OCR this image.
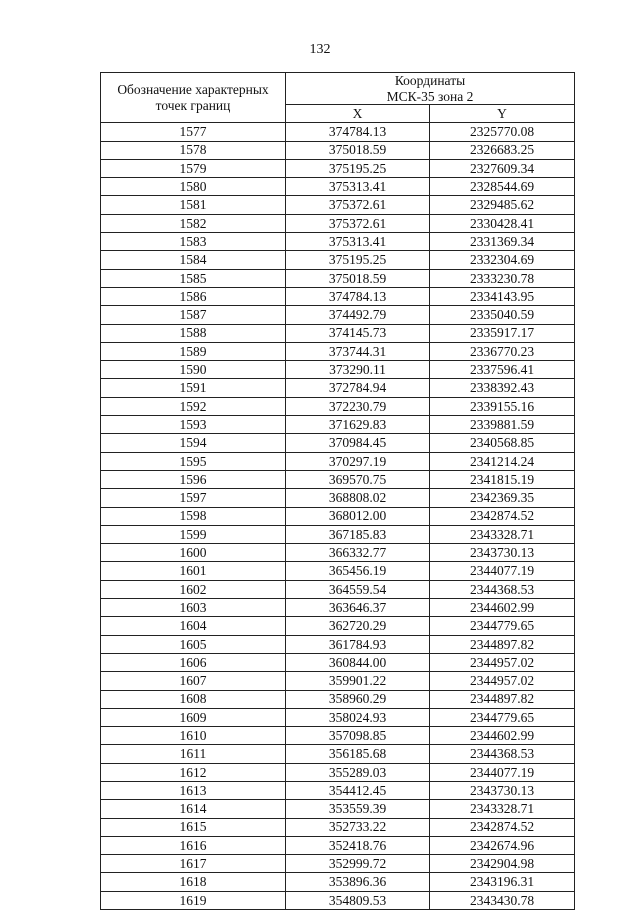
132
Обозначение характерных точек границ	Координаты
МСК-35 зона 2	

	X	Y
1577	374784.13	2325770.08
1578	375018.59	2326683.25
1579	375195.25	2327609.34
1580	375313.41	2328544.69
1581	375372.61	2329485.62
1582	375372.61	2330428.41
1583	375313.41	2331369.34
1584	375195.25	2332304.69
1585	375018.59	2333230.78
1586	374784.13	2334143.95
1587	374492.79	2335040.59
1588	374145.73	2335917.17
1589	373744.31	2336770.23
1590	373290.11	2337596.41
1591	372784.94	2338392.43
1592	372230.79	2339155.16
1593	371629.83	2339881.59
1594	370984.45	2340568.85
1595	370297.19	2341214.24
1596	369570.75	2341815.19
1597	368808.02	2342369.35
1598	368012.00	2342874.52
1599	367185.83	2343328.71
1600	366332.77	2343730.13
1601	365456.19	2344077.19
1602	364559.54	2344368.53
1603	363646.37	2344602.99
1604	362720.29	2344779.65
1605	361784.93	2344897.82
1606	360844.00	2344957.02
1607	359901.22	2344957.02
1608	358960.29	2344897.82
1609	358024.93	2344779.65
1610	357098.85	2344602.99
1611	356185.68	2344368.53
1612	355289.03	2344077.19
1613	354412.45	2343730.13
1614	353559.39	2343328.71
1615	352733.22	2342874.52
1616	352418.76	2342674.96
1617	352999.72	2342904.98
1618	353896.36	2343196.31
1619	354809.53	2343430.78
